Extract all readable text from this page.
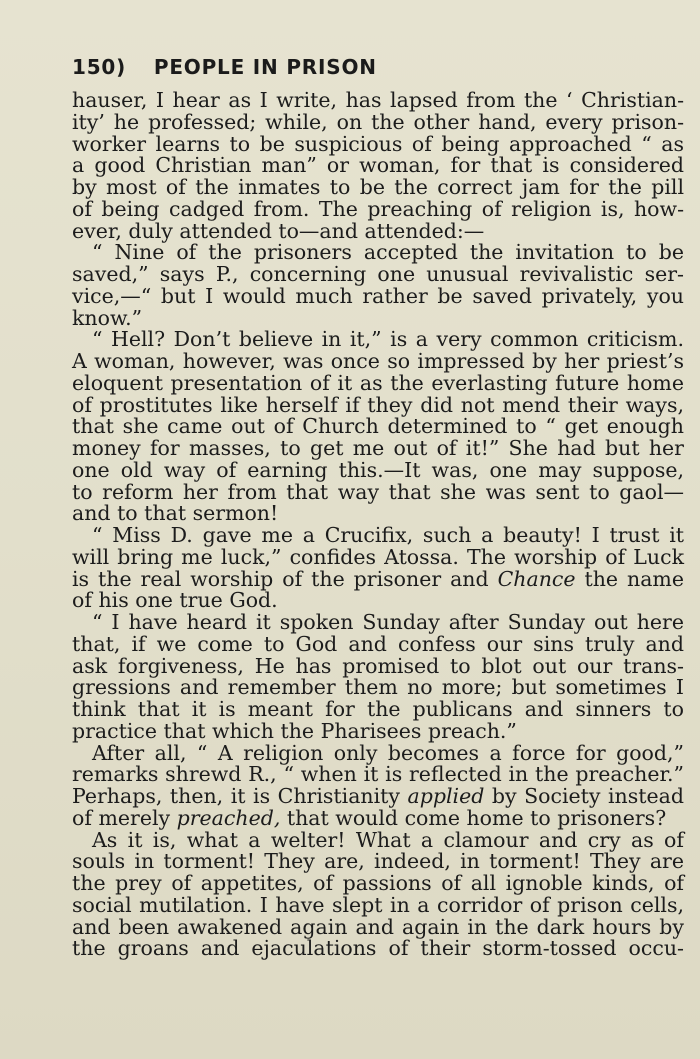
150) PEOPLE IN PRISON
hauser, I hear as I write, has lapsed from the ‘ Christian-
ity’ he professed; while, on the other hand, every prison-
worker learns to be suspicious of being approached “ as
a good Christian man” or woman, for that is considered
by most of the inmates to be the correct jam for the pill
of being cadged from. The preaching of religion is, how-
ever, duly attended to—and attended:—
“ Nine of the prisoners accepted the invitation to be
saved,” says P., concerning one unusual revivalistic ser-
vice,—“ but I would much rather be saved privately, you
know.”
“ Hell? Don’t believe in it,” is a very common criticism.
A woman, however, was once so impressed by her priest’s
eloquent presentation of it as the everlasting future home
of prostitutes like herself if they did not mend their ways,
that she came out of Church determined to “ get enough
money for masses, to get me out of it!” She had but her
one old way of earning this.—It was, one may suppose,
to reform her from that way that she was sent to gaol—
and to that sermon!
“ Miss D. gave me a Crucifix, such a beauty! I trust it
will bring me luck,” confides Atossa. The worship of Luck
is the real worship of the prisoner and Chance the name
of his one true God.
“ I have heard it spoken Sunday after Sunday out here
that, if we come to God and confess our sins truly and
ask forgiveness, He has promised to blot out our trans-
gressions and remember them no more; but sometimes I
think that it is meant for the publicans and sinners to
practice that which the Pharisees preach.”
After all, “ A religion only becomes a force for good,”
remarks shrewd R., “ when it is reflected in the preacher.”
Perhaps, then, it is Christianity applied by Society instead
of merely preached, that would come home to prisoners?
As it is, what a welter! What a clamour and cry as of
souls in torment! They are, indeed, in torment! They are
the prey of appetites, of passions of all ignoble kinds, of
social mutilation. I have slept in a corridor of prison cells,
and been awakened again and again in the dark hours by
the groans and ejaculations of their storm-tossed occu-
